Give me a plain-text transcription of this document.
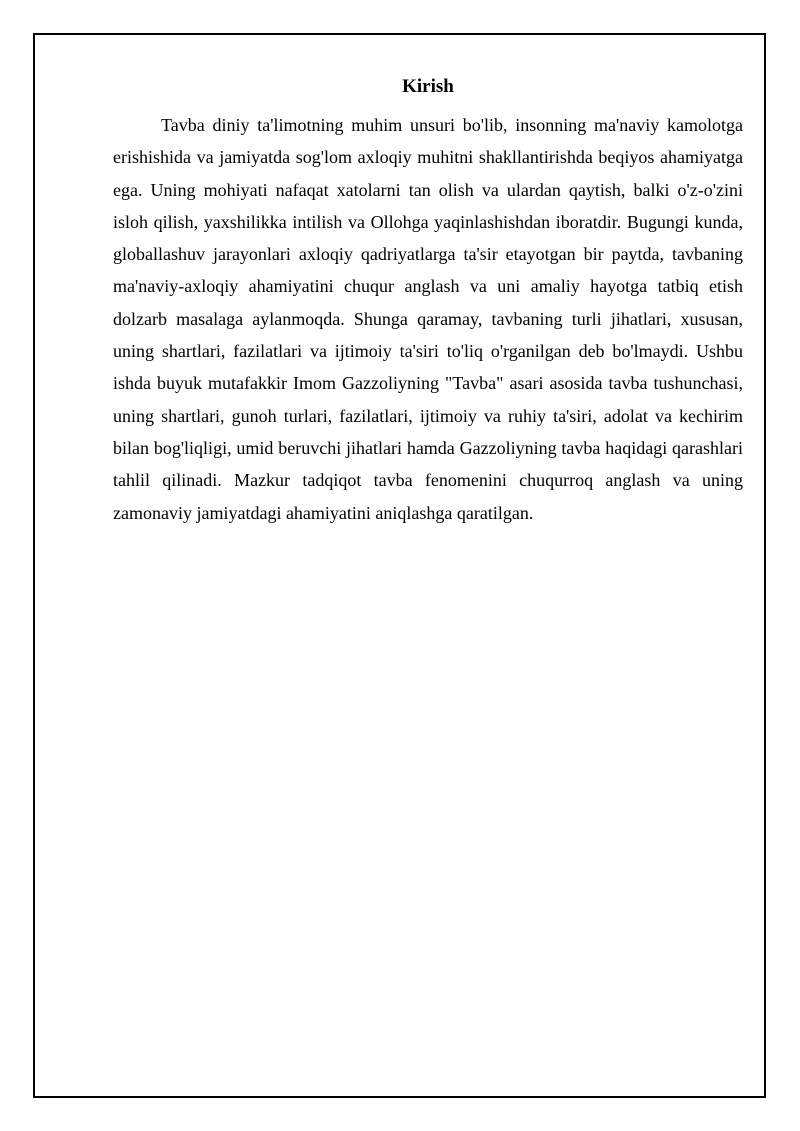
Kirish

Tavba diniy ta'limotning muhim unsuri bo'lib, insonning ma'naviy kamolotga erishishida va jamiyatda sog'lom axloqiy muhitni shakllantirishda beqiyos ahamiyatga ega. Uning mohiyati nafaqat xatolarni tan olish va ulardan qaytish, balki o'z-o'zini isloh qilish, yaxshilikka intilish va Ollohga yaqinlashishdan iboratdir. Bugungi kunda, globallashuv jarayonlari axloqiy qadriyatlarga ta'sir etayotgan bir paytda, tavbaning ma'naviy-axloqiy ahamiyatini chuqur anglash va uni amaliy hayotga tatbiq etish dolzarb masalaga aylanmoqda. Shunga qaramay, tavbaning turli jihatlari, xususan, uning shartlari, fazilatlari va ijtimoiy ta'siri to'liq o'rganilgan deb bo'lmaydi. Ushbu ishda buyuk mutafakkir Imom Gazzoliyning "Tavba" asari asosida tavba tushunchasi, uning shartlari, gunoh turlari, fazilatlari, ijtimoiy va ruhiy ta'siri, adolat va kechirim bilan bog'liqligi, umid beruvchi jihatlari hamda Gazzoliyning tavba haqidagi qarashlari tahlil qilinadi. Mazkur tadqiqot tavba fenomenini chuqurroq anglash va uning zamonaviy jamiyatdagi ahamiyatini aniqlashga qaratilgan.
